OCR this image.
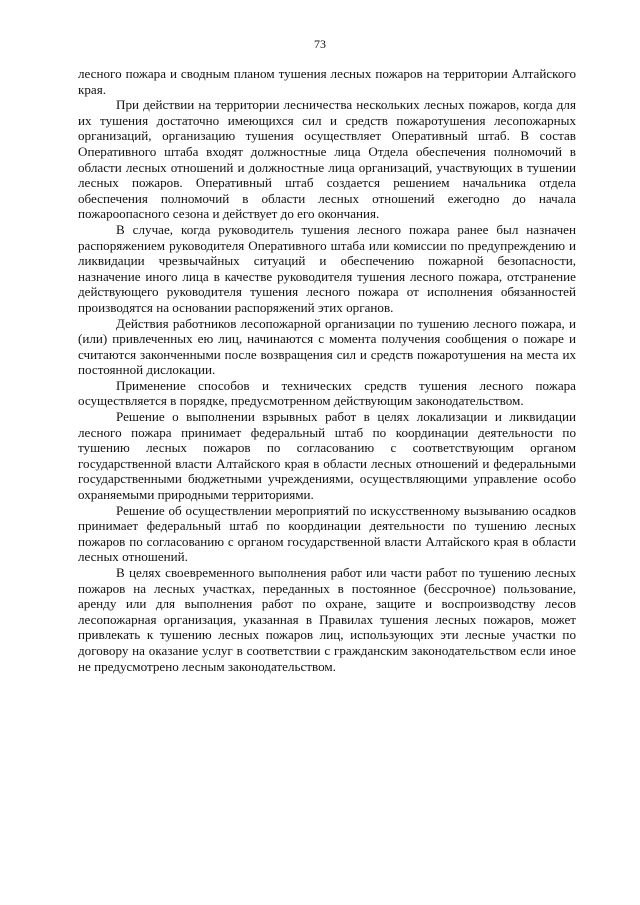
73

лесного пожара и сводным планом тушения лесных пожаров на территории Алтайского края.

При действии на территории лесничества нескольких лесных пожаров, когда для их тушения достаточно имеющихся сил и средств пожаротушения лесопожарных организаций, организацию тушения осуществляет Оперативный штаб. В состав Оперативного штаба входят должностные лица Отдела обеспечения полномочий в области лесных отношений и должностные лица организаций, участвующих в тушении лесных пожаров. Оперативный штаб создается решением начальника отдела обеспечения полномочий в области лесных отношений ежегодно до начала пожароопасного сезона и действует до его окончания.

В случае, когда руководитель тушения лесного пожара ранее был назначен распоряжением руководителя Оперативного штаба или комиссии по предупреждению и ликвидации чрезвычайных ситуаций и обеспечению пожарной безопасности, назначение иного лица в качестве руководителя тушения лесного пожара, отстранение действующего руководителя тушения лесного пожара от исполнения обязанностей производятся на основании распоряжений этих органов.

Действия работников лесопожарной организации по тушению лесного пожара, и (или) привлеченных ею лиц, начинаются с момента получения сообщения о пожаре и считаются законченными после возвращения сил и средств пожаротушения на места их постоянной дислокации.

Применение способов и технических средств тушения лесного пожара осуществляется в порядке, предусмотренном действующим законодательством.

Решение о выполнении взрывных работ в целях локализации и ликвидации лесного пожара принимает федеральный штаб по координации деятельности по тушению лесных пожаров по согласованию с соответствующим органом государственной власти Алтайского края в области лесных отношений и федеральными государственными бюджетными учреждениями, осуществляющими управление особо охраняемыми природными территориями.

Решение об осуществлении мероприятий по искусственному вызыванию осадков принимает федеральный штаб по координации деятельности по тушению лесных пожаров по согласованию с органом государственной власти Алтайского края в области лесных отношений.

В целях своевременного выполнения работ или части работ по тушению лесных пожаров на лесных участках, переданных в постоянное (бессрочное) пользование, аренду или для выполнения работ по охране, защите и воспроизводству лесов лесопожарная организация, указанная в Правилах тушения лесных пожаров, может привлекать к тушению лесных пожаров лиц, использующих эти лесные участки по договору на оказание услуг в соответствии с гражданским законодательством если иное не предусмотрено лесным законодательством.
